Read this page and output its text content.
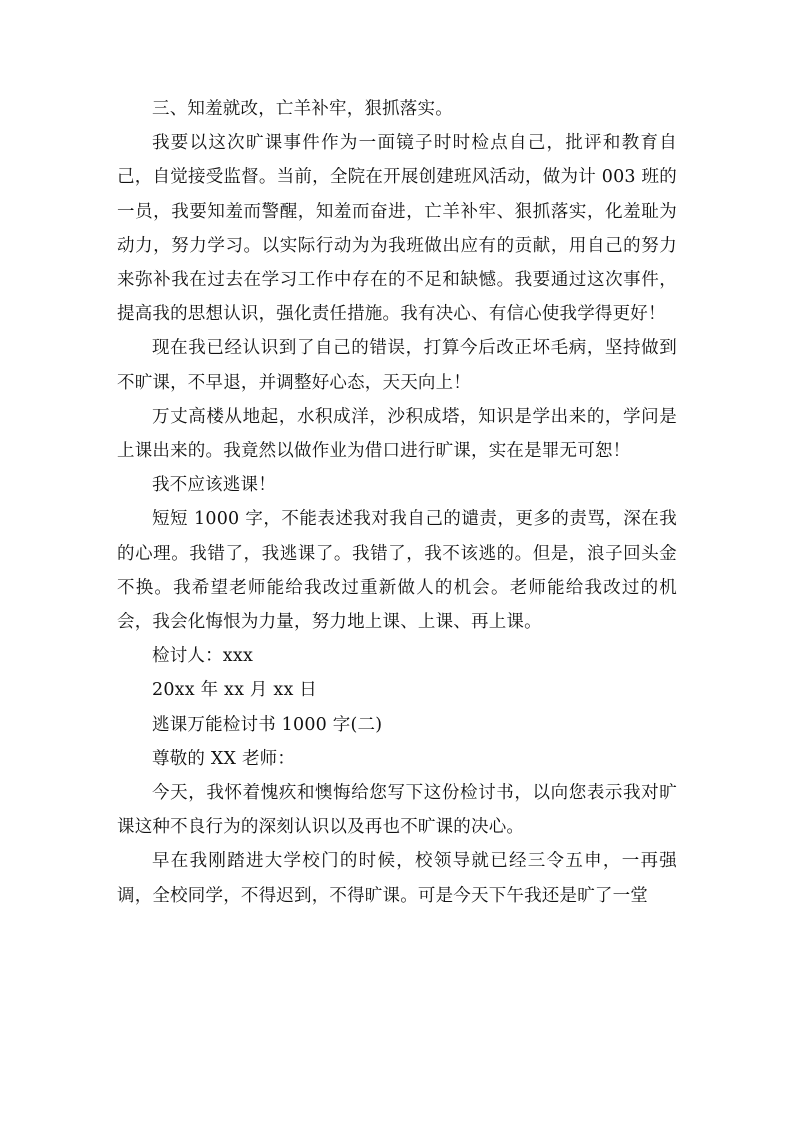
三、知羞就改，亡羊补牢，狠抓落实。

我要以这次旷课事件作为一面镜子时时检点自己，批评和教育自己，自觉接受监督。当前，全院在开展创建班风活动，做为计 003 班的一员，我要知羞而警醒，知羞而奋进，亡羊补牢、狠抓落实，化羞耻为动力，努力学习。以实际行动为为我班做出应有的贡献，用自己的努力来弥补我在过去在学习工作中存在的不足和缺憾。我要通过这次事件，提高我的思想认识，强化责任措施。我有决心、有信心使我学得更好！

现在我已经认识到了自己的错误，打算今后改正坏毛病，坚持做到不旷课，不早退，并调整好心态，天天向上！

万丈高楼从地起，水积成洋，沙积成塔，知识是学出来的，学问是上课出来的。我竟然以做作业为借口进行旷课，实在是罪无可恕！

我不应该逃课！

短短 1000 字，不能表述我对我自己的谴责，更多的责骂，深在我的心理。我错了，我逃课了。我错了，我不该逃的。但是，浪子回头金不换。我希望老师能给我改过重新做人的机会。老师能给我改过的机会，我会化悔恨为力量，努力地上课、上课、再上课。

检讨人：xxx

20xx 年 xx 月 xx 日

逃课万能检讨书 1000 字(二)

尊敬的 XX 老师：

今天，我怀着愧疚和懊悔给您写下这份检讨书，以向您表示我对旷课这种不良行为的深刻认识以及再也不旷课的决心。

早在我刚踏进大学校门的时候，校领导就已经三令五申，一再强调，全校同学，不得迟到，不得旷课。可是今天下午我还是旷了一堂
